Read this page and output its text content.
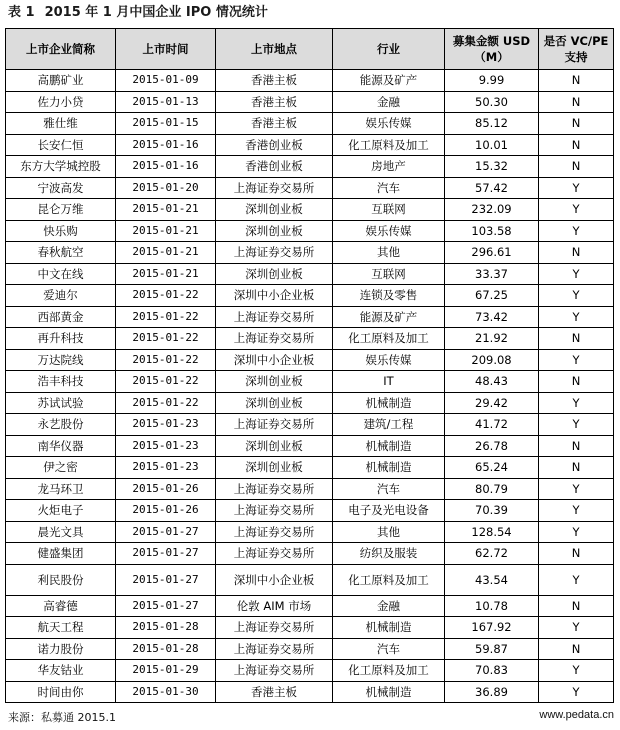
表 1 2015 年 1 月中国企业 IPO 情况统计
上市企业简称	上市时间	上市地点	行业	募集金额 USD（M）	是否 VC/PE 支持
高鹏矿业	2015-01-09	香港主板	能源及矿产	9.99	N
佐力小贷	2015-01-13	香港主板	金融	50.30	N
雅仕维	2015-01-15	香港主板	娱乐传媒	85.12	N
长安仁恒	2015-01-16	香港创业板	化工原料及加工	10.01	N
东方大学城控股	2015-01-16	香港创业板	房地产	15.32	N
宁波高发	2015-01-20	上海证券交易所	汽车	57.42	Y
昆仑万维	2015-01-21	深圳创业板	互联网	232.09	Y
快乐购	2015-01-21	深圳创业板	娱乐传媒	103.58	Y
春秋航空	2015-01-21	上海证券交易所	其他	296.61	N
中文在线	2015-01-21	深圳创业板	互联网	33.37	Y
爱迪尔	2015-01-22	深圳中小企业板	连锁及零售	67.25	Y
西部黄金	2015-01-22	上海证券交易所	能源及矿产	73.42	Y
再升科技	2015-01-22	上海证券交易所	化工原料及加工	21.92	N
万达院线	2015-01-22	深圳中小企业板	娱乐传媒	209.08	Y
浩丰科技	2015-01-22	深圳创业板	IT	48.43	N
苏试试验	2015-01-22	深圳创业板	机械制造	29.42	Y
永艺股份	2015-01-23	上海证券交易所	建筑/工程	41.72	Y
南华仪器	2015-01-23	深圳创业板	机械制造	26.78	N
伊之密	2015-01-23	深圳创业板	机械制造	65.24	N
龙马环卫	2015-01-26	上海证券交易所	汽车	80.79	Y
火炬电子	2015-01-26	上海证券交易所	电子及光电设备	70.39	Y
晨光文具	2015-01-27	上海证券交易所	其他	128.54	Y
健盛集团	2015-01-27	上海证券交易所	纺织及服装	62.72	N
利民股份	2015-01-27	深圳中小企业板	化工原料及加工	43.54	Y
高睿德	2015-01-27	伦敦 AIM 市场	金融	10.78	N
航天工程	2015-01-28	上海证券交易所	机械制造	167.92	Y
诺力股份	2015-01-28	上海证券交易所	汽车	59.87	N
华友钴业	2015-01-29	上海证券交易所	化工原料及加工	70.83	Y
时间由你	2015-01-30	香港主板	机械制造	36.89	Y
来源：私募通 2015.1	www.pedata.cn
